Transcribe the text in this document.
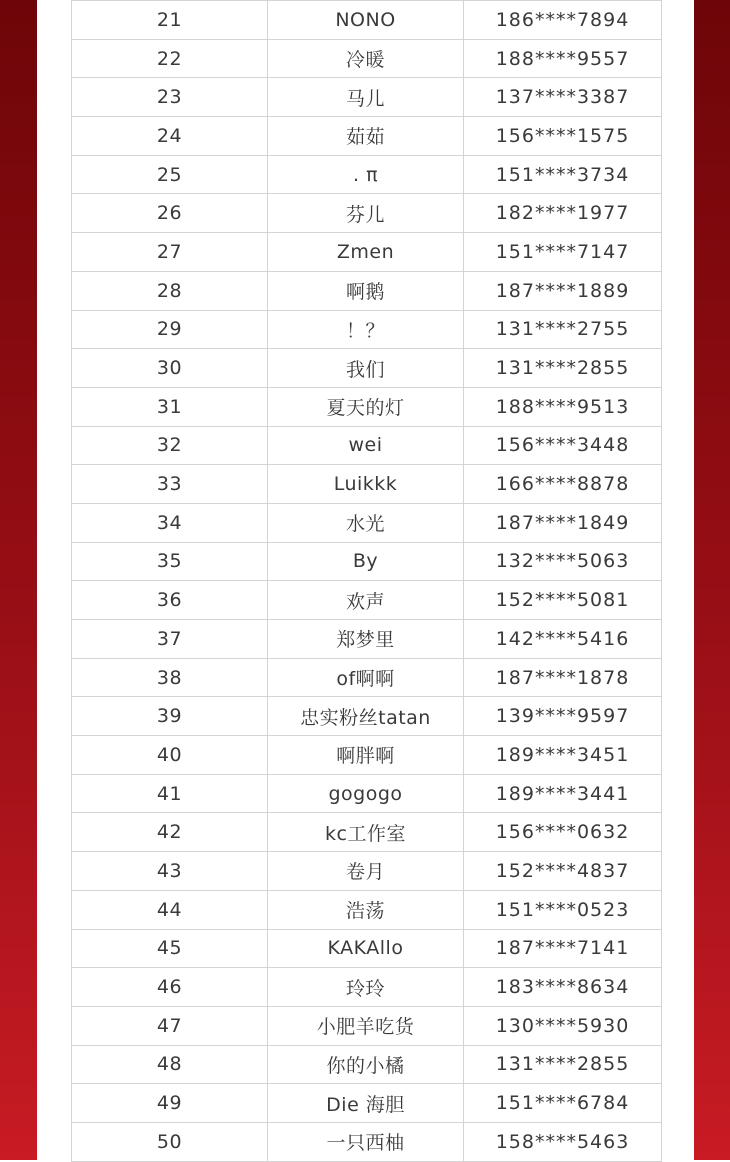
21	NONO	186****7894
22	冷暖	188****9557
23	马儿	137****3387
24	茹茹	156****1575
25	. π	151****3734
26	芬儿	182****1977
27	Zmen	151****7147
28	啊鹅	187****1889
29	！？	131****2755
30	我们	131****2855
31	夏天的灯	188****9513
32	wei	156****3448
33	Luikkk	166****8878
34	水光	187****1849
35	By	132****5063
36	欢声	152****5081
37	郑梦里	142****5416
38	of啊啊	187****1878
39	忠实粉丝tatan	139****9597
40	啊胖啊	189****3451
41	gogogo	189****3441
42	kc工作室	156****0632
43	卷月	152****4837
44	浩荡	151****0523
45	KAKAllo	187****7141
46	玲玲	183****8634
47	小肥羊吃货	130****5930
48	你的小橘	131****2855
49	Die 海胆	151****6784
50	一只西柚	158****5463
